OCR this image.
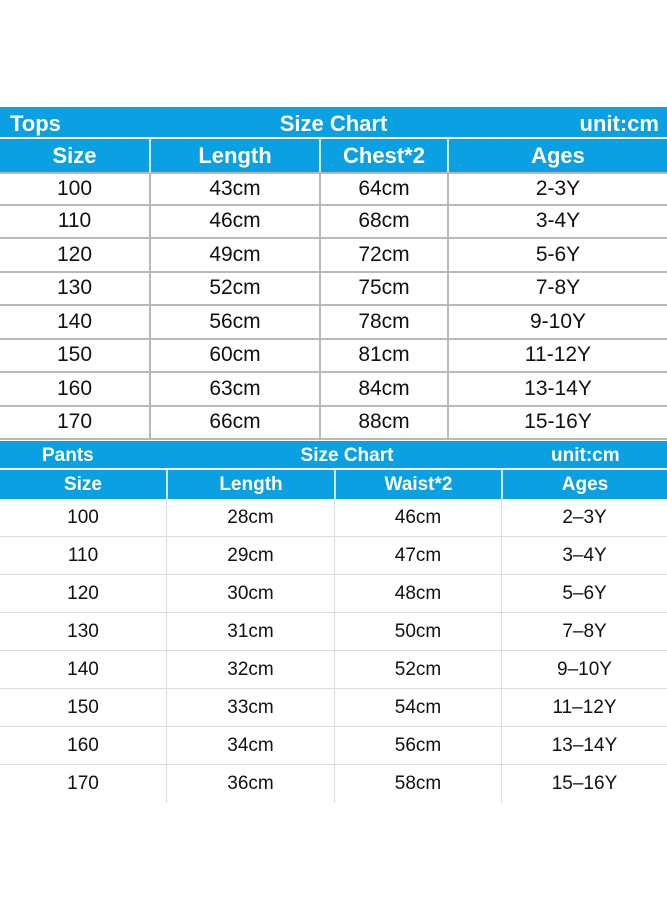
Size Chart
Tops	unit:cm
Size	Length	Chest*2	Ages
100	43cm	64cm	2-3Y
110	46cm	68cm	3-4Y
120	49cm	72cm	5-6Y
130	52cm	75cm	7-8Y
140	56cm	78cm	9-10Y
150	60cm	81cm	11-12Y
160	63cm	84cm	13-14Y
170	66cm	88cm	15-16Y
Size Chart
Pants	unit:cm
Size	Length	Waist*2	Ages
100	28cm	46cm	2–3Y
110	29cm	47cm	3–4Y
120	30cm	48cm	5–6Y
130	31cm	50cm	7–8Y
140	32cm	52cm	9–10Y
150	33cm	54cm	11–12Y
160	34cm	56cm	13–14Y
170	36cm	58cm	15–16Y
